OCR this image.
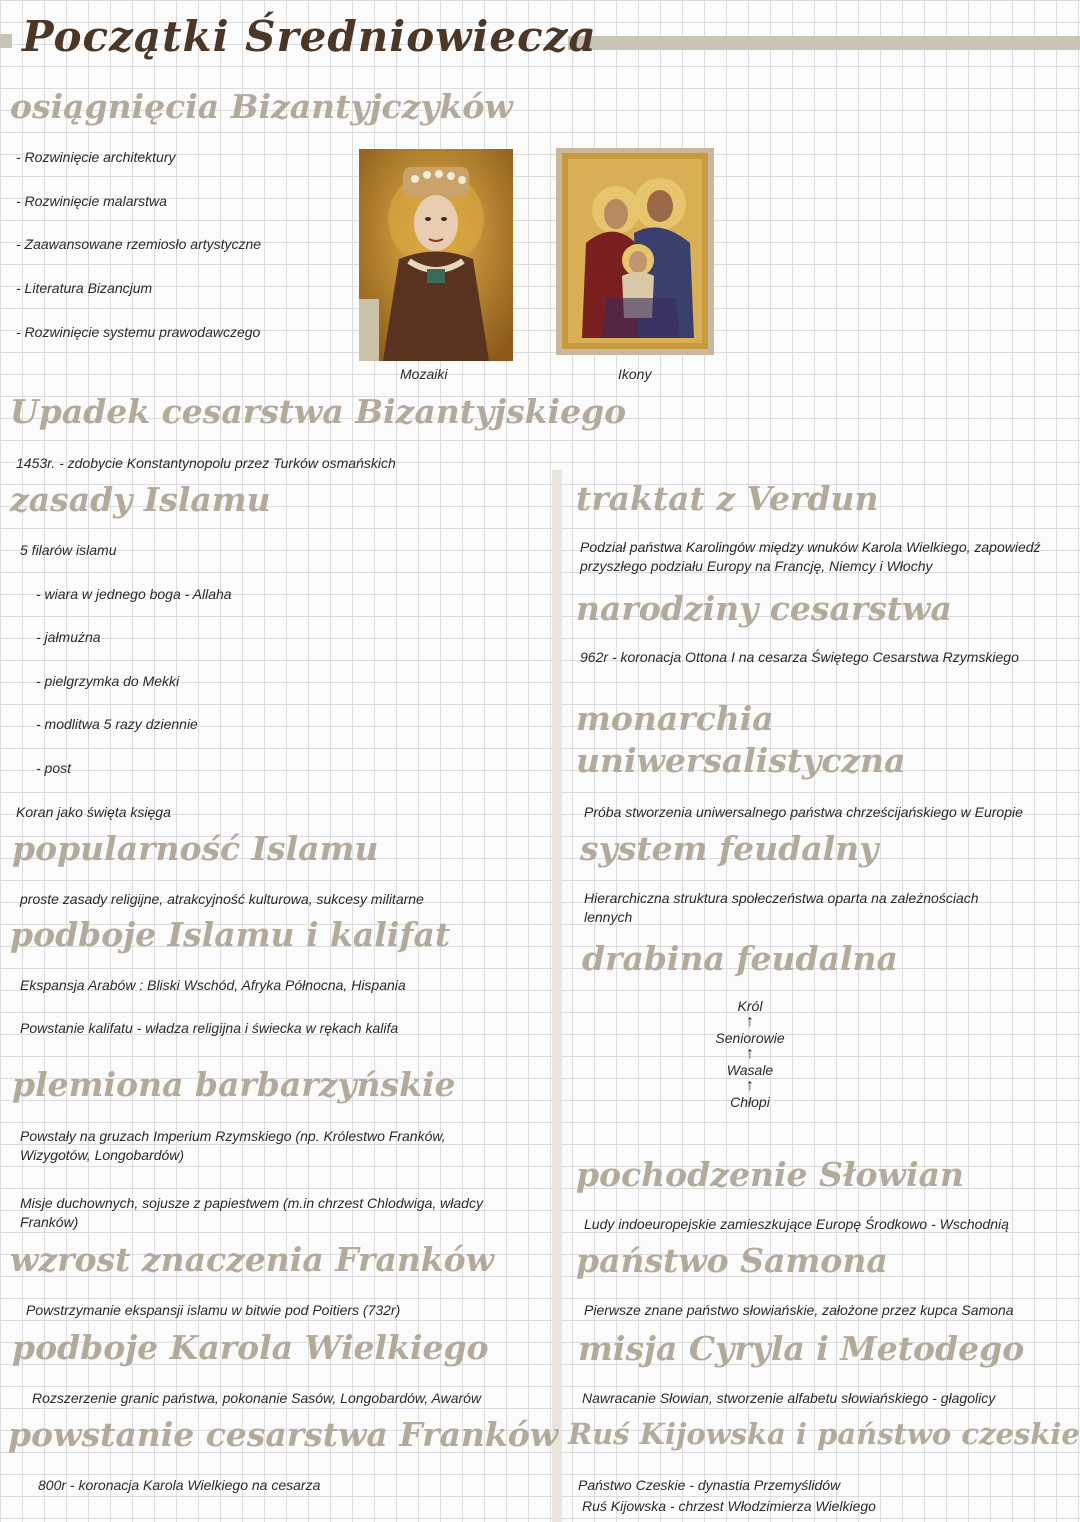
Początki Średniowiecza
osiągnięcia Bizantyjczyków
- Rozwinięcie architektury
- Rozwinięcie malarstwa
- Zaawansowane rzemiosło artystyczne
- Literatura Bizancjum
- Rozwinięcie systemu prawodawczego
Mozaiki	Ikony
Upadek cesarstwa Bizantyjskiego
1453r. - zdobycie Konstantynopolu przez Turków osmańskich
zasady Islamu
5 filarów islamu
- wiara w jednego boga - Allaha
- jałmużna
- pielgrzymka do Mekki
- modlitwa 5 razy dziennie
- post
Koran jako święta księga
popularność Islamu
proste zasady religijne, atrakcyjność kulturowa, sukcesy militarne
podboje Islamu i kalifat
Ekspansja Arabów : Bliski Wschód, Afryka Północna, Hispania
Powstanie kalifatu - władza religijna i świecka w rękach kalifa
plemiona barbarzyńskie
Powstały na gruzach Imperium Rzymskiego (np. Królestwo Franków, Wizygotów, Longobardów)
Misje duchownych, sojusze z papiestwem (m.in chrzest Chlodwiga, władcy Franków)
wzrost znaczenia Franków
Powstrzymanie ekspansji islamu w bitwie pod Poitiers (732r)
podboje Karola Wielkiego
Rozszerzenie granic państwa, pokonanie Sasów, Longobardów, Awarów
powstanie cesarstwa Franków
800r - koronacja Karola Wielkiego na cesarza
traktat z Verdun
Podział państwa Karolingów między wnuków Karola Wielkiego, zapowiedź przyszłego podziału Europy na Francję, Niemcy i Włochy
narodziny cesarstwa
962r - koronacja Ottona I na cesarza Świętego Cesarstwa Rzymskiego
monarchia
uniwersalistyczna
Próba stworzenia uniwersalnego państwa chrześcijańskiego w Europie
system feudalny
Hierarchiczna struktura społeczeństwa oparta na zależnościach lennych
drabina feudalna
Król
↑
Seniorowie
↑
Wasale
↑
Chłopi
pochodzenie Słowian
Ludy indoeuropejskie zamieszkujące Europę Środkowo - Wschodnią
państwo Samona
Pierwsze znane państwo słowiańskie, założone przez kupca Samona
misja Cyryla i Metodego
Nawracanie Słowian, stworzenie alfabetu słowiańskiego - głagolicy
Ruś Kijowska i państwo czeskie
Państwo Czeskie - dynastia Przemyślidów
Ruś Kijowska - chrzest Włodzimierza Wielkiego
